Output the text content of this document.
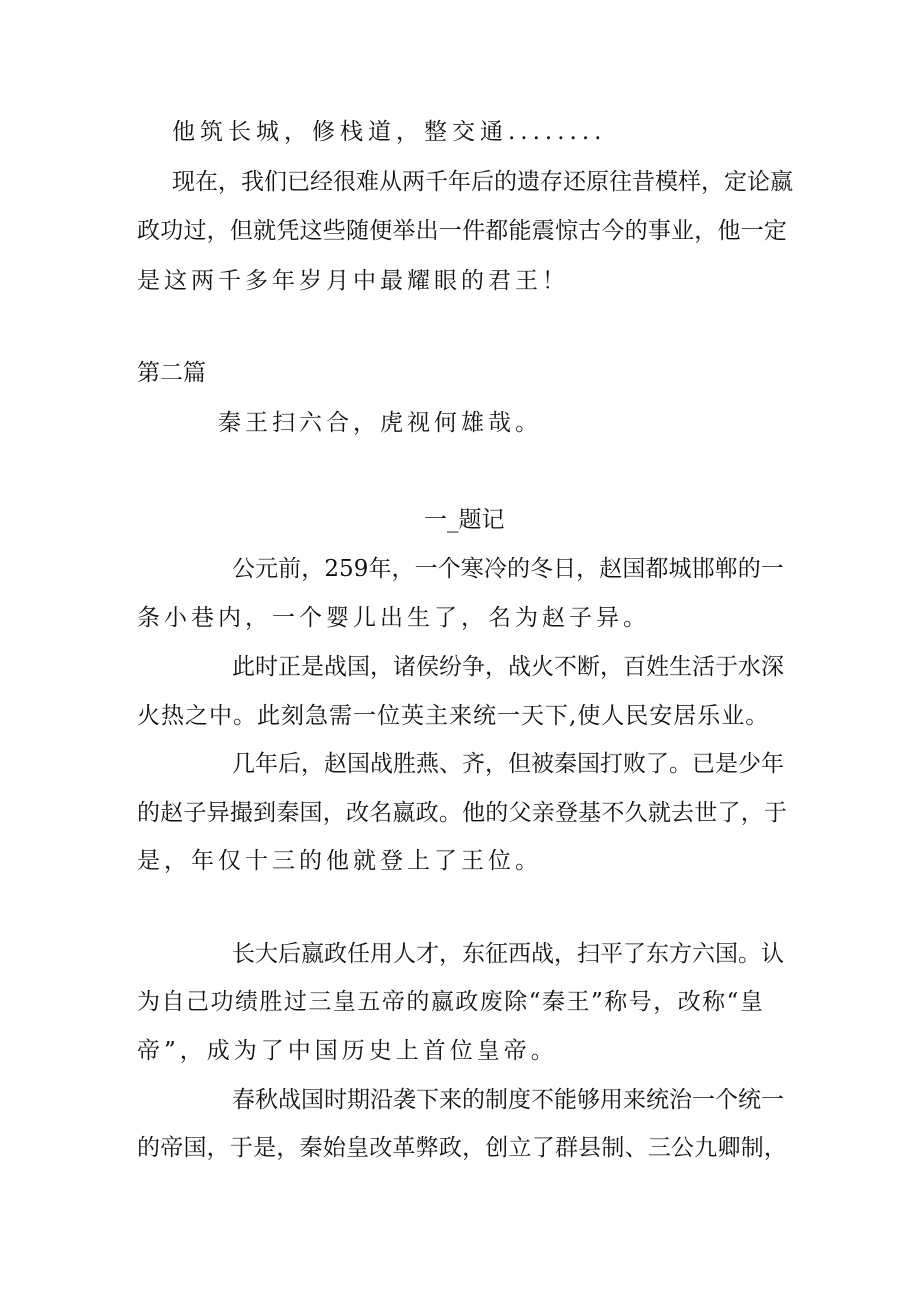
他筑长城，修栈道，整交通........

现 在 ， 我 们 已 经 很 难 从 两 千 年 后 的 遗 存 还 原 往 昔 模 样 ， 定 论 嬴

政 功 过 ， 但 就 凭 这 些 随 便 举 出 一 件 都 能 震 惊 古 今 的 事 业 ， 他 一 定

是这两千多年岁月中最耀眼的君王！

第二篇

秦王扫六合，虎视何雄哉。

一_题记

公 元 前 ， 2 5 9 年 ， 一 个 寒 冷 的 冬 日 ， 赵 国 都 城 邯 郸 的 一

条小巷内，一个婴儿出生了，名为赵子异。

此 时 正 是 战 国 ， 诸 侯 纷 争 ， 战 火 不 断 ， 百 姓 生 活 于 水 深

火热之中。此刻急需一位英主来统一天下,使人民安居乐业。

几 年 后 ， 赵 国 战 胜 燕 、 齐 ， 但 被 秦 国 打 败 了 。 已 是 少 年

的 赵 子 异 撮 到 秦 国 ， 改 名 嬴 政 。 他 的 父 亲 登 基 不 久 就 去 世 了 ， 于

是，年仅十三的他就登上了王位。

长 大 后 嬴 政 任 用 人 才 ， 东 征 西 战 ， 扫 平 了 东 方 六 国 。 认

为 自 己 功 绩 胜 过 三 皇 五 帝 的 嬴 政 废 除 “ 秦 王 ” 称 号 ， 改 称 “ 皇

帝”，成为了中国历史上首位皇帝。

春 秋 战 国 时 期 沿 袭 下 来 的 制 度 不 能 够 用 来 统 治 一 个 统 一

的 帝 国 ， 于 是 ， 秦 始 皇 改 革 弊 政 ， 创 立 了 群 县 制 、 三 公 九 卿 制 ，
